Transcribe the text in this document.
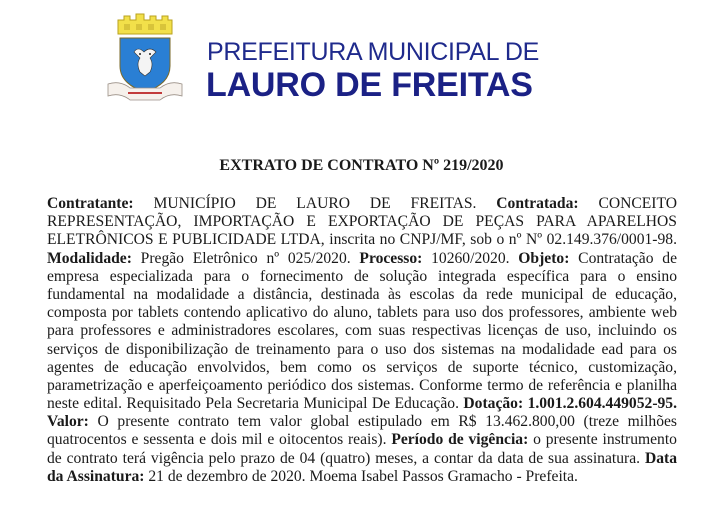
PREFEITURA MUNICIPAL DE
LAURO DE FREITAS
EXTRATO DE CONTRATO Nº 219/2020
Contratante: MUNICÍPIO DE LAURO DE FREITAS. Contratada: CONCEITO
REPRESENTAÇÃO, IMPORTAÇÃO E EXPORTAÇÃO DE PEÇAS PARA APARELHOS
ELETRÔNICOS E PUBLICIDADE LTDA, inscrita no CNPJ/MF, sob o nº Nº 02.149.376/0001-98.
Modalidade: Pregão Eletrônico nº 025/2020. Processo: 10260/2020. Objeto: Contratação de
empresa especializada para o fornecimento de solução integrada específica para o ensino
fundamental na modalidade a distância, destinada às escolas da rede municipal de educação,
composta por tablets contendo aplicativo do aluno, tablets para uso dos professores, ambiente web
para professores e administradores escolares, com suas respectivas licenças de uso, incluindo os
serviços de disponibilização de treinamento para o uso dos sistemas na modalidade ead para os
agentes de educação envolvidos, bem como os serviços de suporte técnico, customização,
parametrização e aperfeiçoamento periódico dos sistemas. Conforme termo de referência e planilha
neste edital. Requisitado Pela Secretaria Municipal De Educação. Dotação: 1.001.2.604.449052-95.
Valor: O presente contrato tem valor global estipulado em R$ 13.462.800,00 (treze milhões
quatrocentos e sessenta e dois mil e oitocentos reais). Período de vigência: o presente instrumento
de contrato terá vigência pelo prazo de 04 (quatro) meses, a contar da data de sua assinatura. Data
da Assinatura: 21 de dezembro de 2020. Moema Isabel Passos Gramacho - Prefeita.
